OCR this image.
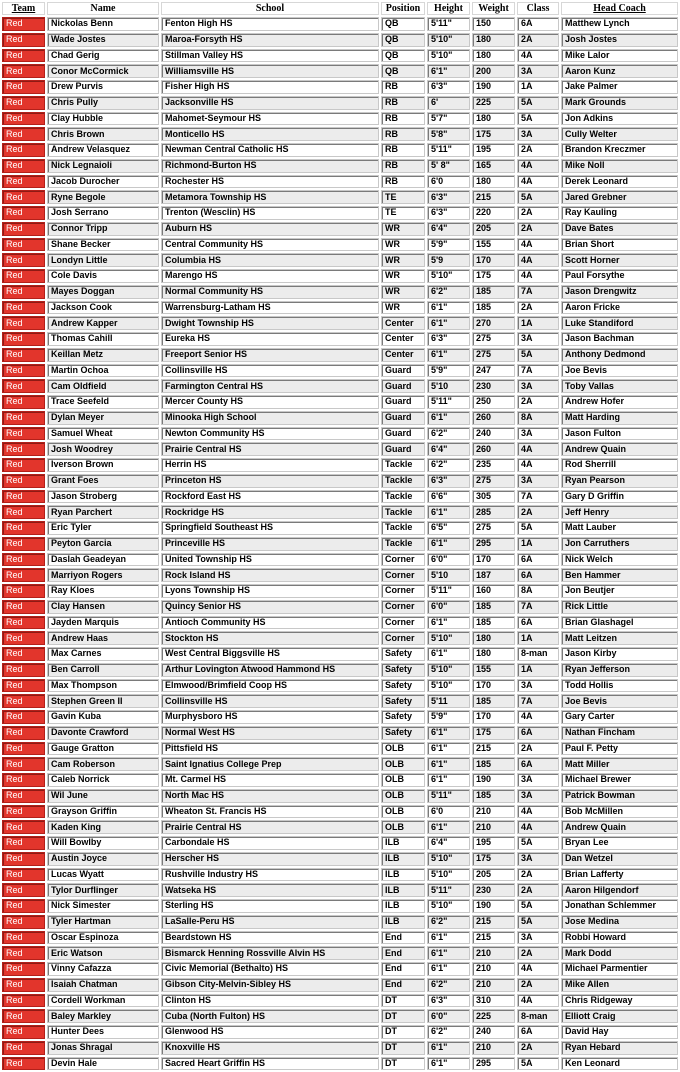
Team	Name	School	Position	Height	Weight	Class	Head Coach
Red	Nickolas Benn	Fenton High HS	QB	5'11"	150	6A	Matthew Lynch
Red	Wade Jostes	Maroa-Forsyth HS	QB	5'10"	180	2A	Josh Jostes
Red	Chad Gerig	Stillman Valley HS	QB	5'10"	180	4A	Mike Lalor
Red	Conor McCormick	Williamsville HS	QB	6'1"	200	3A	Aaron Kunz
Red	Drew Purvis	Fisher High HS	RB	6'3"	190	1A	Jake Palmer
Red	Chris Pully	Jacksonville HS	RB	6'	225	5A	Mark Grounds
Red	Clay Hubble	Mahomet-Seymour HS	RB	5'7"	180	5A	Jon Adkins
Red	Chris Brown	Monticello HS	RB	5'8"	175	3A	Cully Welter
Red	Andrew Velasquez	Newman Central Catholic HS	RB	5'11"	195	2A	Brandon Kreczmer
Red	Nick Legnaioli	Richmond-Burton HS	RB	5' 8"	165	4A	Mike Noll
Red	Jacob Durocher	Rochester HS	RB	6'0	180	4A	Derek Leonard
Red	Ryne Begole	Metamora Township HS	TE	6'3"	215	5A	Jared Grebner
Red	Josh Serrano	Trenton (Wesclin) HS	TE	6'3"	220	2A	Ray Kauling
Red	Connor Tripp	Auburn HS	WR	6'4"	205	2A	Dave Bates
Red	Shane Becker	Central Community HS	WR	5'9"	155	4A	Brian Short
Red	Londyn Little	Columbia HS	WR	5'9	170	4A	Scott Horner
Red	Cole Davis	Marengo HS	WR	5'10"	175	4A	Paul Forsythe
Red	Mayes Doggan	Normal Community HS	WR	6'2"	185	7A	Jason Drengwitz
Red	Jackson Cook	Warrensburg-Latham HS	WR	6'1"	185	2A	Aaron Fricke
Red	Andrew Kapper	Dwight Township HS	Center	6'1"	270	1A	Luke Standiford
Red	Thomas Cahill	Eureka HS	Center	6'3"	275	3A	Jason Bachman
Red	Keillan Metz	Freeport Senior HS	Center	6'1"	275	5A	Anthony Dedmond
Red	Martin Ochoa	Collinsville HS	Guard	5'9"	247	7A	Joe Bevis
Red	Cam Oldfield	Farmington Central HS	Guard	5'10	230	3A	Toby Vallas
Red	Trace Seefeld	Mercer County HS	Guard	5'11"	250	2A	Andrew Hofer
Red	Dylan Meyer	Minooka High School	Guard	6'1"	260	8A	Matt Harding
Red	Samuel Wheat	Newton Community HS	Guard	6'2"	240	3A	Jason Fulton
Red	Josh Woodrey	Prairie Central HS	Guard	6'4"	260	4A	Andrew Quain
Red	Iverson Brown	Herrin HS	Tackle	6'2"	235	4A	Rod Sherrill
Red	Grant Foes	Princeton HS	Tackle	6'3"	275	3A	Ryan Pearson
Red	Jason Stroberg	Rockford East HS	Tackle	6'6"	305	7A	Gary D Griffin
Red	Ryan Parchert	Rockridge HS	Tackle	6'1"	285	2A	Jeff Henry
Red	Eric Tyler	Springfield Southeast HS	Tackle	6'5"	275	5A	Matt Lauber
Red	Peyton Garcia	Princeville HS	Tackle	6'1"	295	1A	Jon Carruthers
Red	Daslah Geadeyan	United Township HS	Corner	6'0"	170	6A	Nick Welch
Red	Marriyon Rogers	Rock Island HS	Corner	5'10	187	6A	Ben Hammer
Red	Ray Kloes	Lyons Township HS	Corner	5'11"	160	8A	Jon Beutjer
Red	Clay Hansen	Quincy Senior HS	Corner	6'0"	185	7A	Rick Little
Red	Jayden Marquis	Antioch Community HS	Corner	6'1"	185	6A	Brian Glashagel
Red	Andrew Haas	Stockton HS	Corner	5'10"	180	1A	Matt Leitzen
Red	Max Carnes	West Central Biggsville HS	Safety	6'1"	180	8-man	Jason Kirby
Red	Ben Carroll	Arthur Lovington Atwood Hammond HS	Safety	5'10"	155	1A	Ryan Jefferson
Red	Max Thompson	Elmwood/Brimfield Coop HS	Safety	5'10"	170	3A	Todd Hollis
Red	Stephen Green II	Collinsville HS	Safety	5'11	185	7A	Joe Bevis
Red	Gavin Kuba	Murphysboro HS	Safety	5'9"	170	4A	Gary Carter
Red	Davonte Crawford	Normal West HS	Safety	6'1"	175	6A	Nathan Fincham
Red	Gauge Gratton	Pittsfield HS	OLB	6'1"	215	2A	Paul F. Petty
Red	Cam Roberson	Saint Ignatius College Prep	OLB	6'1"	185	6A	Matt Miller
Red	Caleb Norrick	Mt. Carmel HS	OLB	6'1"	190	3A	Michael Brewer
Red	Wil June	North Mac HS	OLB	5'11"	185	3A	Patrick Bowman
Red	Grayson Griffin	Wheaton St. Francis HS	OLB	6'0	210	4A	Bob McMillen
Red	Kaden King	Prairie Central HS	OLB	6'1"	210	4A	Andrew Quain
Red	Will Bowlby	Carbondale HS	ILB	6'4"	195	5A	Bryan Lee
Red	Austin Joyce	Herscher HS	ILB	5'10"	175	3A	Dan Wetzel
Red	Lucas Wyatt	Rushville Industry HS	ILB	5'10"	205	2A	Brian Lafferty
Red	Tylor Durflinger	Watseka HS	ILB	5'11"	230	2A	Aaron Hilgendorf
Red	Nick Simester	Sterling HS	ILB	5'10"	190	5A	Jonathan Schlemmer
Red	Tyler Hartman	LaSalle-Peru HS	ILB	6'2"	215	5A	Jose Medina
Red	Oscar Espinoza	Beardstown HS	End	6'1"	215	3A	Robbi Howard
Red	Eric Watson	Bismarck Henning Rossville Alvin HS	End	6'1"	210	2A	Mark Dodd
Red	Vinny Cafazza	Civic Memorial (Bethalto) HS	End	6'1"	210	4A	Michael Parmentier
Red	Isaiah Chatman	Gibson City-Melvin-Sibley HS	End	6'2"	210	2A	Mike Allen
Red	Cordell Workman	Clinton HS	DT	6'3"	310	4A	Chris Ridgeway
Red	Baley Markley	Cuba (North Fulton) HS	DT	6'0"	225	8-man	Elliott Craig
Red	Hunter Dees	Glenwood HS	DT	6'2"	240	6A	David Hay
Red	Jonas Shragal	Knoxville HS	DT	6'1"	210	2A	Ryan Hebard
Red	Devin Hale	Sacred Heart Griffin HS	DT	6'1"	295	5A	Ken Leonard
